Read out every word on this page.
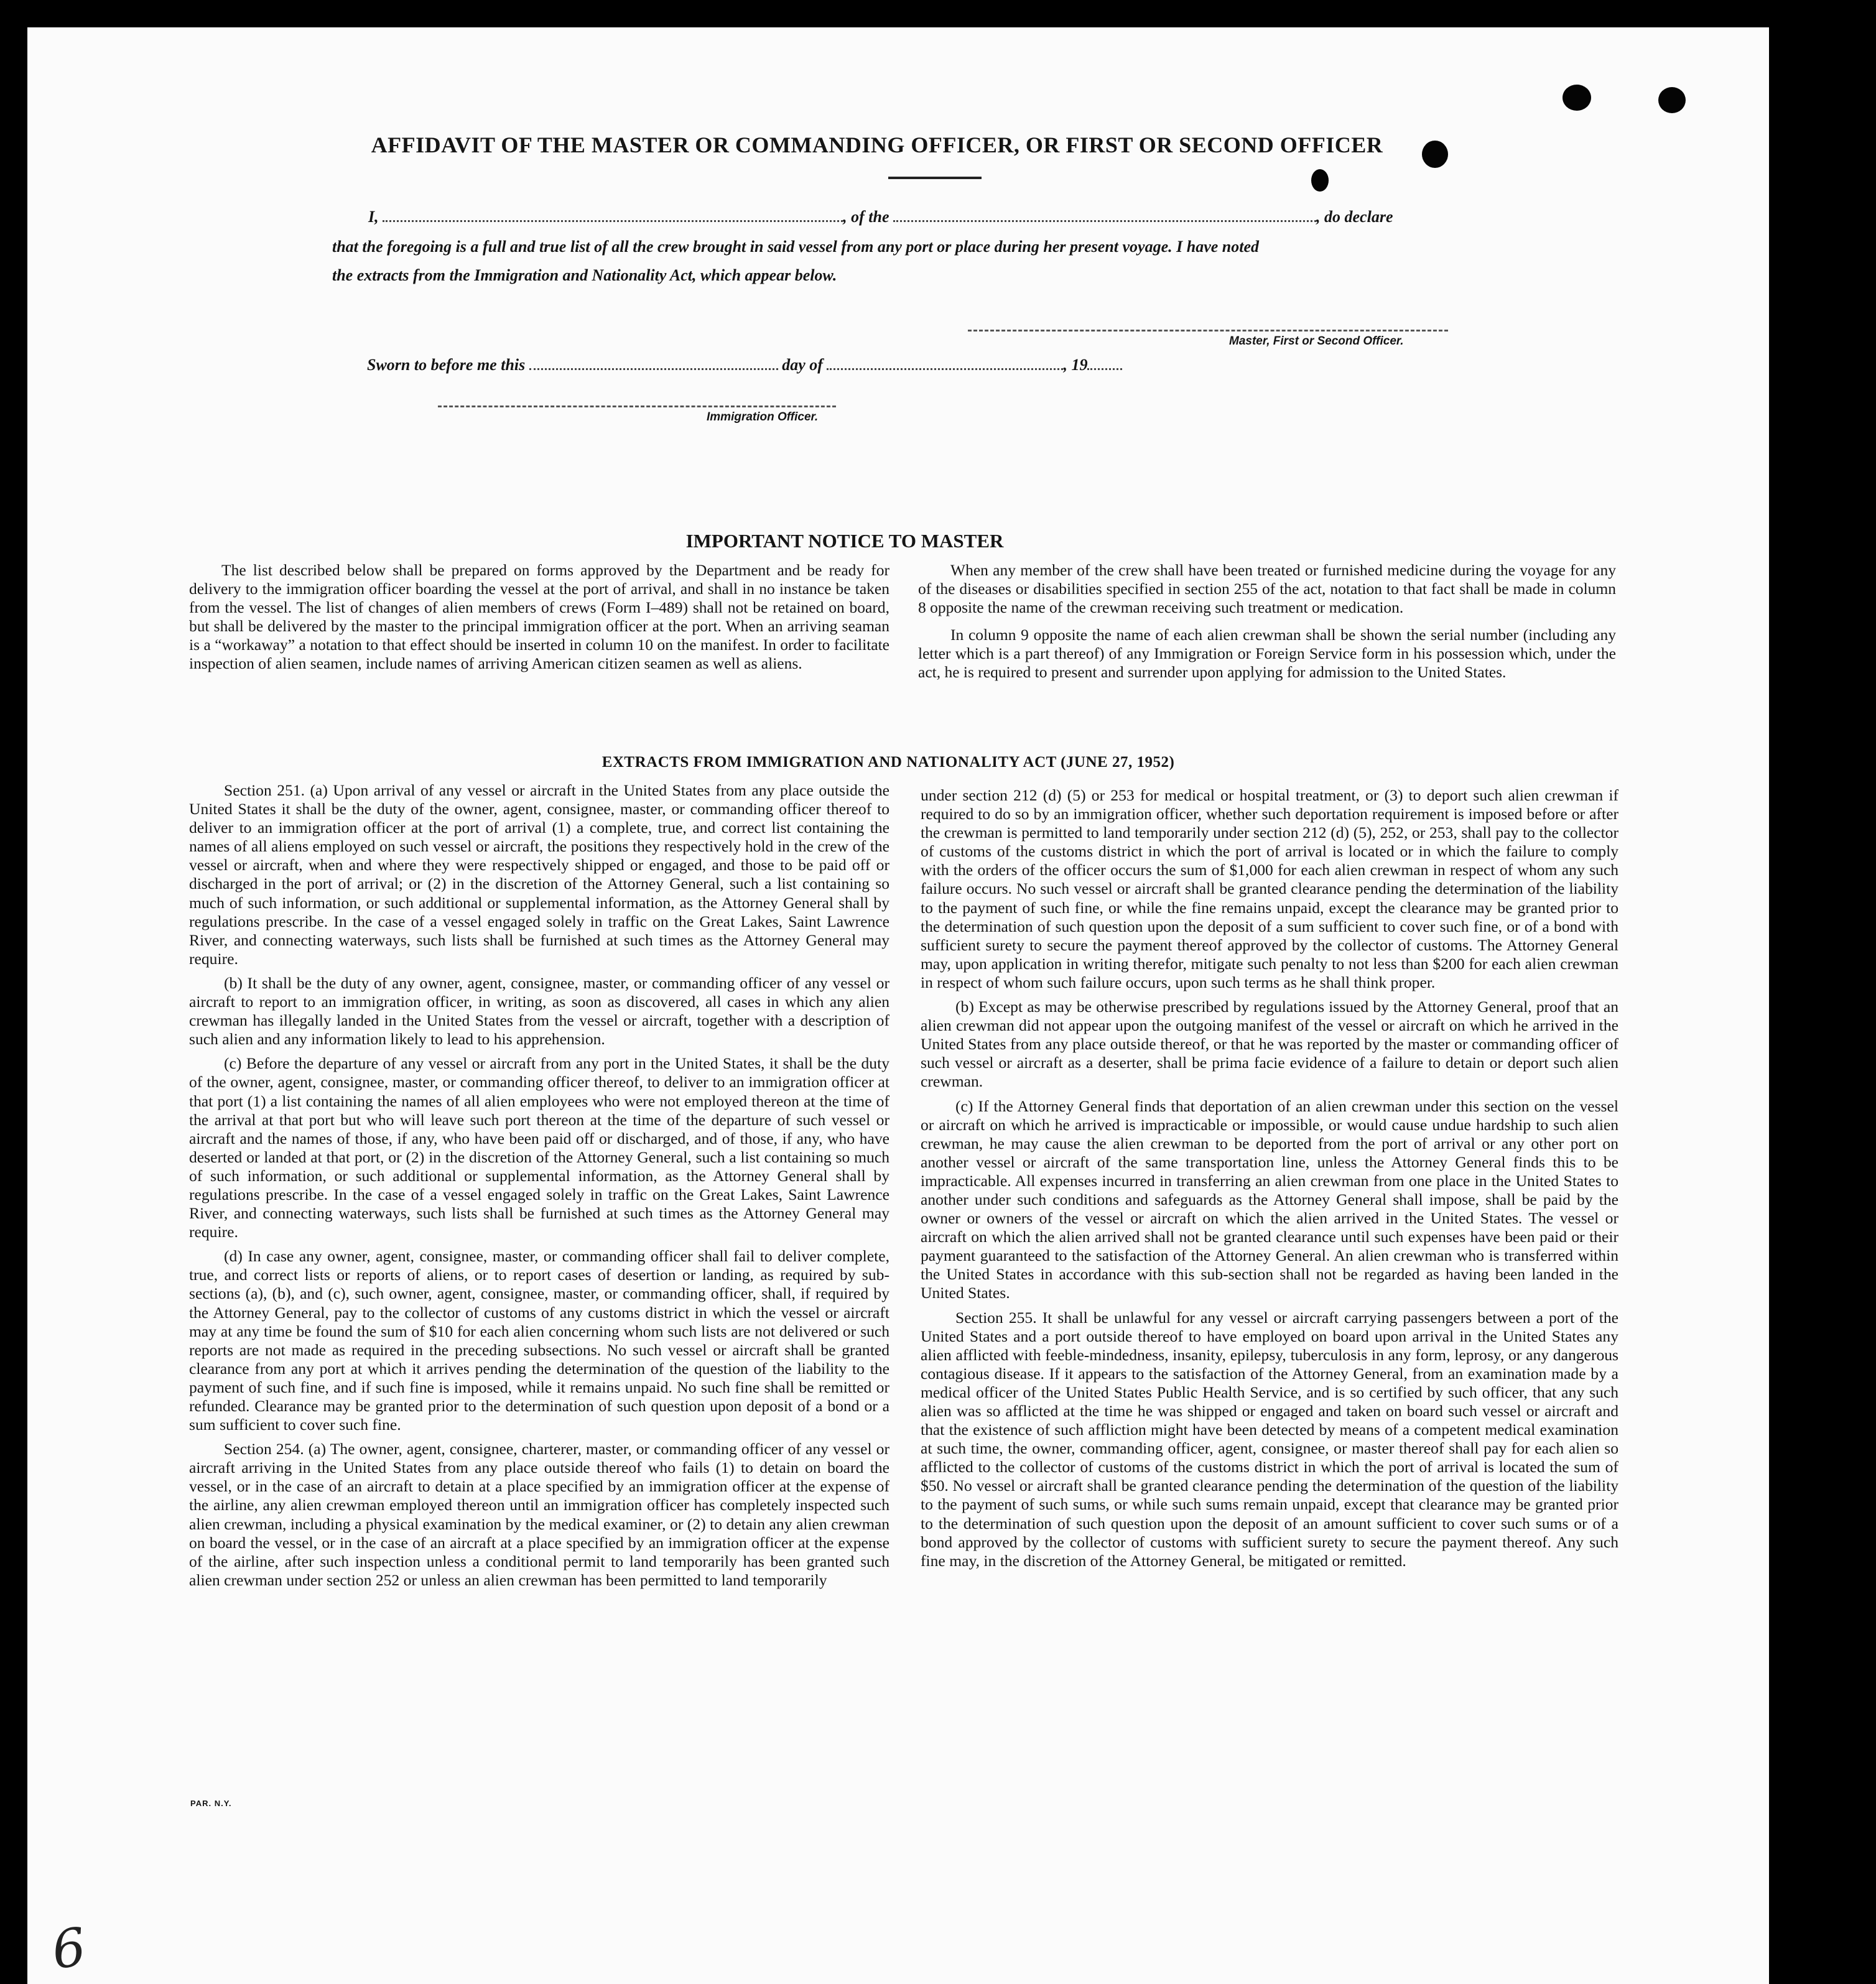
AFFIDAVIT OF THE MASTER OR COMMANDING OFFICER, OR FIRST OR SECOND OFFICER
I,	, of the	, do declare
that the foregoing is a full and true list of all the crew brought in said vessel from any port or place during her present voyage. I have noted
the extracts from the Immigration and Nationality Act, which appear below.
Master, First or Second Officer.
Sworn to before me this	day of	, 19
Immigration Officer.
IMPORTANT NOTICE TO MASTER

The list described below shall be prepared on forms approved by the Department and be ready for delivery to the immigration officer boarding the vessel at the port of arrival, and shall in no instance be taken from the vessel. The list of changes of alien members of crews (Form I–489) shall not be retained on board, but shall be delivered by the master to the principal immigration officer at the port. When an arriving seaman is a “workaway” a notation to that effect should be inserted in column 10 on the manifest. In order to facilitate inspection of alien seamen, include names of arriving American citizen seamen as well as aliens.

When any member of the crew shall have been treated or furnished medicine during the voyage for any of the diseases or disabilities specified in section 255 of the act, notation to that fact shall be made in column 8 opposite the name of the crewman receiving such treatment or medication.

In column 9 opposite the name of each alien crewman shall be shown the serial number (including any letter which is a part thereof) of any Immigration or Foreign Service form in his possession which, under the act, he is required to present and surrender upon applying for admission to the United States.

EXTRACTS FROM IMMIGRATION AND NATIONALITY ACT (JUNE 27, 1952)

Section 251. (a) Upon arrival of any vessel or aircraft in the United States from any place outside the United States it shall be the duty of the owner, agent, consignee, master, or commanding officer thereof to deliver to an immigration officer at the port of arrival (1) a complete, true, and correct list containing the names of all aliens employed on such vessel or aircraft, the positions they respectively hold in the crew of the vessel or aircraft, when and where they were respectively shipped or engaged, and those to be paid off or discharged in the port of arrival; or (2) in the discretion of the Attorney General, such a list containing so much of such information, or such additional or supplemental information, as the Attorney General shall by regulations prescribe. In the case of a vessel engaged solely in traffic on the Great Lakes, Saint Lawrence River, and connecting waterways, such lists shall be furnished at such times as the Attorney General may require.

(b) It shall be the duty of any owner, agent, consignee, master, or commanding officer of any vessel or aircraft to report to an immigration officer, in writing, as soon as discovered, all cases in which any alien crewman has illegally landed in the United States from the vessel or aircraft, together with a description of such alien and any information likely to lead to his apprehension.

(c) Before the departure of any vessel or aircraft from any port in the United States, it shall be the duty of the owner, agent, consignee, master, or commanding officer thereof, to deliver to an immigration officer at that port (1) a list containing the names of all alien employees who were not employed thereon at the time of the arrival at that port but who will leave such port thereon at the time of the departure of such vessel or aircraft and the names of those, if any, who have been paid off or discharged, and of those, if any, who have deserted or landed at that port, or (2) in the discretion of the Attorney General, such a list containing so much of such information, or such additional or supplemental information, as the Attorney General shall by regulations prescribe. In the case of a vessel engaged solely in traffic on the Great Lakes, Saint Lawrence River, and connecting waterways, such lists shall be furnished at such times as the Attorney General may require.

(d) In case any owner, agent, consignee, master, or commanding officer shall fail to deliver complete, true, and correct lists or reports of aliens, or to report cases of desertion or landing, as required by sub-sections (a), (b), and (c), such owner, agent, consignee, master, or commanding officer, shall, if required by the Attorney General, pay to the collector of customs of any customs district in which the vessel or aircraft may at any time be found the sum of $10 for each alien concerning whom such lists are not delivered or such reports are not made as required in the preceding subsections. No such vessel or aircraft shall be granted clearance from any port at which it arrives pending the determination of the question of the liability to the payment of such fine, and if such fine is imposed, while it remains unpaid. No such fine shall be remitted or refunded. Clearance may be granted prior to the determination of such question upon deposit of a bond or a sum sufficient to cover such fine.

Section 254. (a) The owner, agent, consignee, charterer, master, or commanding officer of any vessel or aircraft arriving in the United States from any place outside thereof who fails (1) to detain on board the vessel, or in the case of an aircraft to detain at a place specified by an immigration officer at the expense of the airline, any alien crewman employed thereon until an immigration officer has completely inspected such alien crewman, including a physical examination by the medical examiner, or (2) to detain any alien crewman on board the vessel, or in the case of an aircraft at a place specified by an immigration officer at the expense of the airline, after such inspection unless a conditional permit to land temporarily has been granted such alien crewman under section 252 or unless an alien crewman has been permitted to land temporarily

under section 212 (d) (5) or 253 for medical or hospital treatment, or (3) to deport such alien crewman if required to do so by an immigration officer, whether such deportation requirement is imposed before or after the crewman is permitted to land temporarily under section 212 (d) (5), 252, or 253, shall pay to the collector of customs of the customs district in which the port of arrival is located or in which the failure to comply with the orders of the officer occurs the sum of $1,000 for each alien crewman in respect of whom any such failure occurs. No such vessel or aircraft shall be granted clearance pending the determination of the liability to the payment of such fine, or while the fine remains unpaid, except the clearance may be granted prior to the determination of such question upon the deposit of a sum sufficient to cover such fine, or of a bond with sufficient surety to secure the payment thereof approved by the collector of customs. The Attorney General may, upon application in writing therefor, mitigate such penalty to not less than $200 for each alien crewman in respect of whom such failure occurs, upon such terms as he shall think proper.

(b) Except as may be otherwise prescribed by regulations issued by the Attorney General, proof that an alien crewman did not appear upon the outgoing manifest of the vessel or aircraft on which he arrived in the United States from any place outside thereof, or that he was reported by the master or commanding officer of such vessel or aircraft as a deserter, shall be prima facie evidence of a failure to detain or deport such alien crewman.

(c) If the Attorney General finds that deportation of an alien crewman under this section on the vessel or aircraft on which he arrived is impracticable or impossible, or would cause undue hardship to such alien crewman, he may cause the alien crewman to be deported from the port of arrival or any other port on another vessel or aircraft of the same transportation line, unless the Attorney General finds this to be impracticable. All expenses incurred in transferring an alien crewman from one place in the United States to another under such conditions and safeguards as the Attorney General shall impose, shall be paid by the owner or owners of the vessel or aircraft on which the alien arrived in the United States. The vessel or aircraft on which the alien arrived shall not be granted clearance until such expenses have been paid or their payment guaranteed to the satisfaction of the Attorney General. An alien crewman who is transferred within the United States in accordance with this sub-section shall not be regarded as having been landed in the United States.

Section 255. It shall be unlawful for any vessel or aircraft carrying passengers between a port of the United States and a port outside thereof to have employed on board upon arrival in the United States any alien afflicted with feeble-mindedness, insanity, epilepsy, tuberculosis in any form, leprosy, or any dangerous contagious disease. If it appears to the satisfaction of the Attorney General, from an examination made by a medical officer of the United States Public Health Service, and is so certified by such officer, that any such alien was so afflicted at the time he was shipped or engaged and taken on board such vessel or aircraft and that the existence of such affliction might have been detected by means of a competent medical examination at such time, the owner, commanding officer, agent, consignee, or master thereof shall pay for each alien so afflicted to the collector of customs of the customs district in which the port of arrival is located the sum of $50. No vessel or aircraft shall be granted clearance pending the determination of the question of the liability to the payment of such sums, or while such sums remain unpaid, except that clearance may be granted prior to the determination of such question upon the deposit of an amount sufficient to cover such sums or of a bond approved by the collector of customs with sufficient surety to secure the payment thereof. Any such fine may, in the discretion of the Attorney General, be mitigated or remitted.

PAR. N.Y.
6
